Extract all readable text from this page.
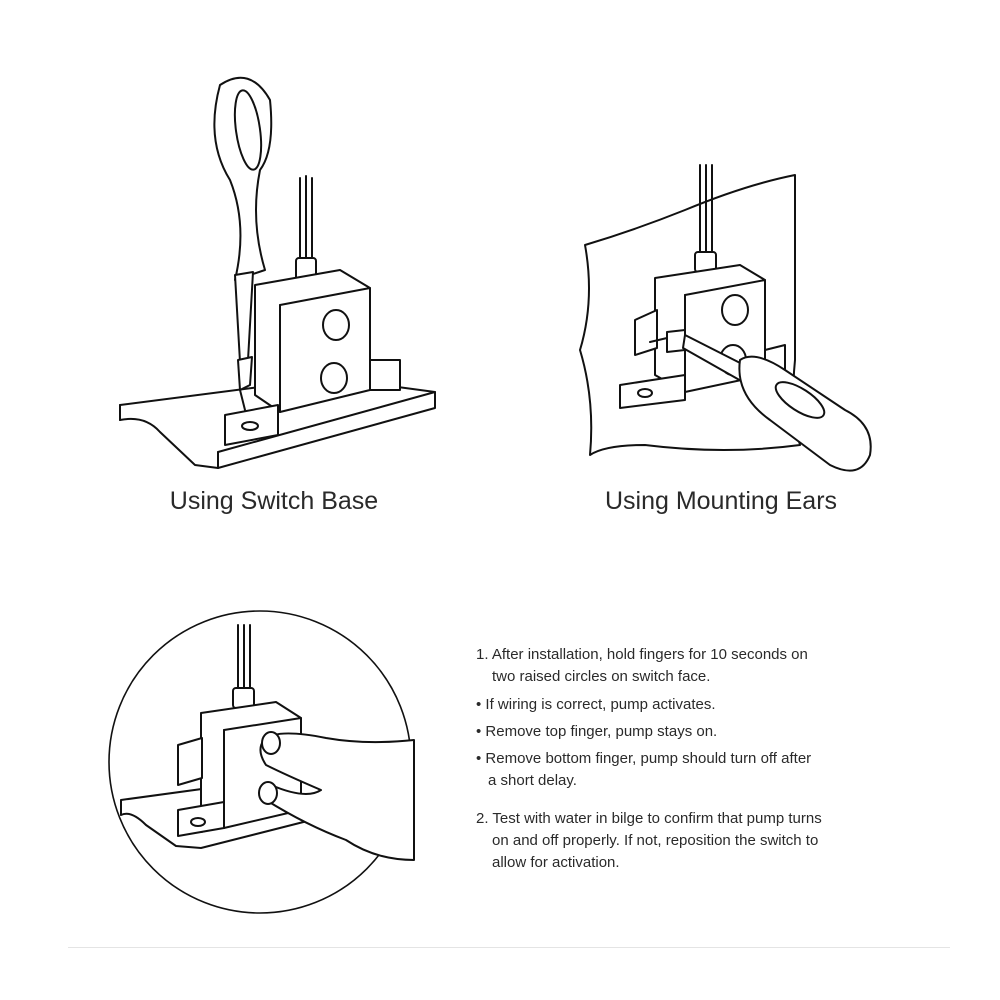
Using Switch Base	Using Mounting Ears
1. After installation, hold fingers for 10 seconds on
two raised circles on switch face.
• If wiring is correct, pump activates.
• Remove top finger, pump stays on.
• Remove bottom finger, pump should turn off after
a short delay.
2. Test with water in bilge to confirm that pump turns
on and off properly. If not, reposition the switch to
allow for activation.
